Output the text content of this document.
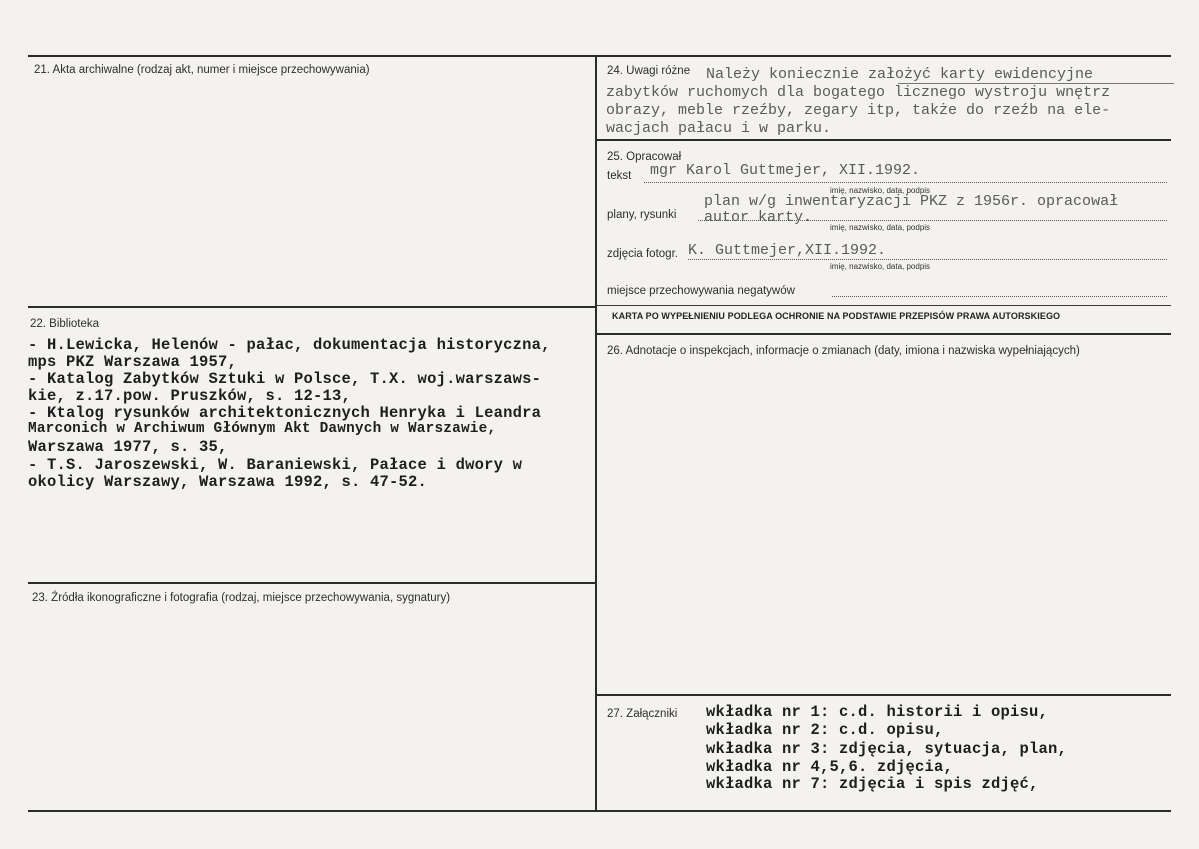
21. Akta archiwalne (rodzaj akt, numer i miejsce przechowywania)
22. Biblioteka
- H.Lewicka, Helenów - pałac, dokumentacja historyczna,
mps PKZ Warszawa 1957,
- Katalog Zabytków Sztuki w Polsce, T.X. woj.warszaws-
kie, z.17.pow. Pruszków, s. 12-13,
- Ktalog rysunków architektonicznych Henryka i Leandra
Marconich w Archiwum Głównym Akt Dawnych w Warszawie,
Warszawa 1977, s. 35,
- T.S. Jaroszewski, W. Baraniewski, Pałace i dwory w
okolicy Warszawy, Warszawa 1992, s. 47-52.
23. Źródła ikonograficzne i fotografia (rodzaj, miejsce przechowywania, sygnatury)
24. Uwagi różne Należy koniecznie założyć karty ewidencyjne
zabytków ruchomych dla bogatego licznego wystroju wnętrz
obrazy, meble rzeźby, zegary itp, także do rzeźb na ele-
wacjach pałacu i w parku.
25. Opracował
tekst mgr Karol Guttmejer, XII.1992.
imię, nazwisko, data, podpis
plan w/g inwentaryzacji PKZ z 1956r. opracował
plany, rysunki autor karty.
imię, nazwisko, data, podpis
zdjęcia fotogr. K. Guttmejer,XII.1992.
imię, nazwisko, data, podpis
miejsce przechowywania negatywów
KARTA PO WYPEŁNIENIU PODLEGA OCHRONIE NA PODSTAWIE PRZEPISÓW PRAWA AUTORSKIEGO
26. Adnotacje o inspekcjach, informacje o zmianach (daty, imiona i nazwiska wypełniających)
27. Załączniki wkładka nr 1: c.d. historii i opisu,
wkładka nr 2: c.d. opisu,
wkładka nr 3: zdjęcia, sytuacja, plan,
wkładka nr 4,5,6. zdjęcia,
wkładka nr 7: zdjęcia i spis zdjęć,
